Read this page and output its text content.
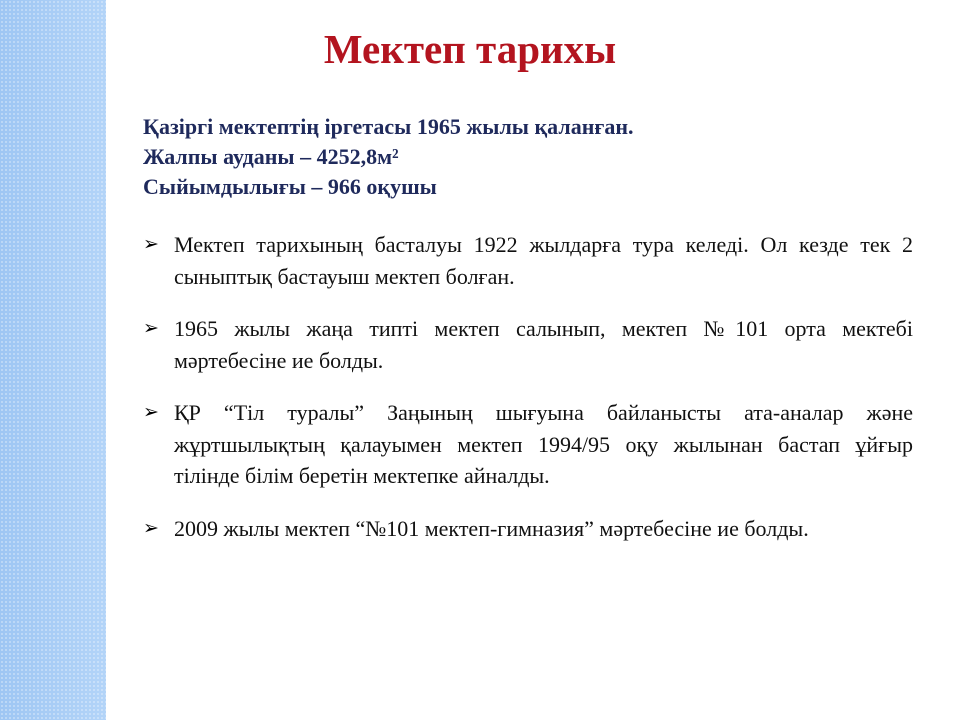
Мектеп тарихы
Қазіргі мектептің іргетасы 1965 жылы қаланған.
Жалпы ауданы – 4252,8м²
Сыйымдылығы – 966 оқушы
➢ Мектеп тарихының басталуы 1922 жылдарға тура келеді. Ол кезде тек 2 сыныптық бастауыш мектеп болған.
➢ 1965 жылы жаңа типті мектеп салынып, мектеп №101 орта мектебі мәртебесіне ие болды.
➢ ҚР “Тіл туралы” Заңының шығуына байланысты ата-аналар және жұртшылықтың қалауымен мектеп 1994/95 оқу жылынан бастап ұйғыр тілінде білім беретін мектепке айналды.
➢ 2009 жылы мектеп “№101 мектеп-гимназия” мәртебесіне ие болды.
